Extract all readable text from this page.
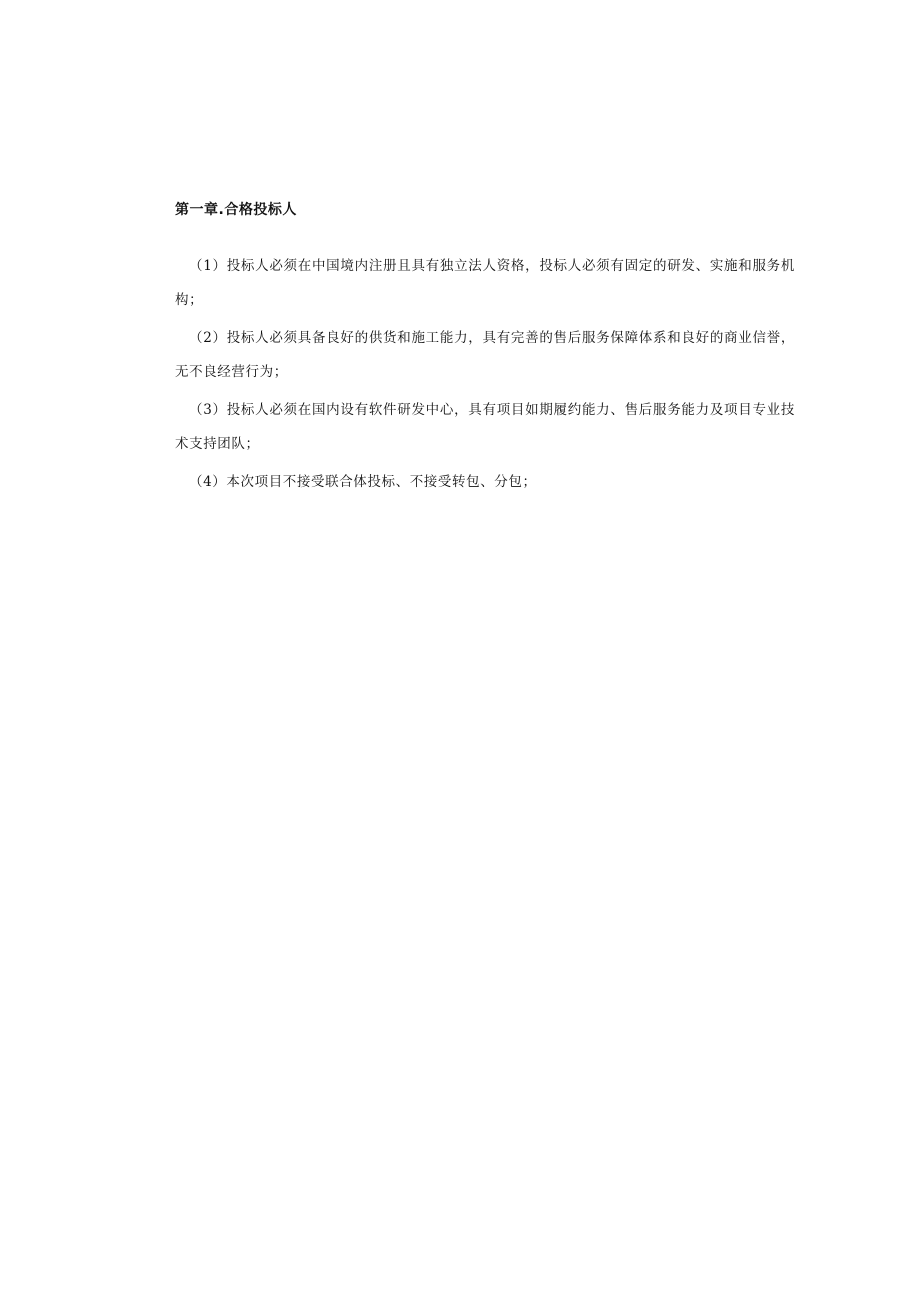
第一章.合格投标人
（1）投标人必须在中国境内注册且具有独立法人资格，投标人必须有固定的研发、实施和服务机构；
（2）投标人必须具备良好的供货和施工能力，具有完善的售后服务保障体系和良好的商业信誉，无不良经营行为；
（3）投标人必须在国内设有软件研发中心，具有项目如期履约能力、售后服务能力及项目专业技术支持团队；
（4）本次项目不接受联合体投标、不接受转包、分包；
